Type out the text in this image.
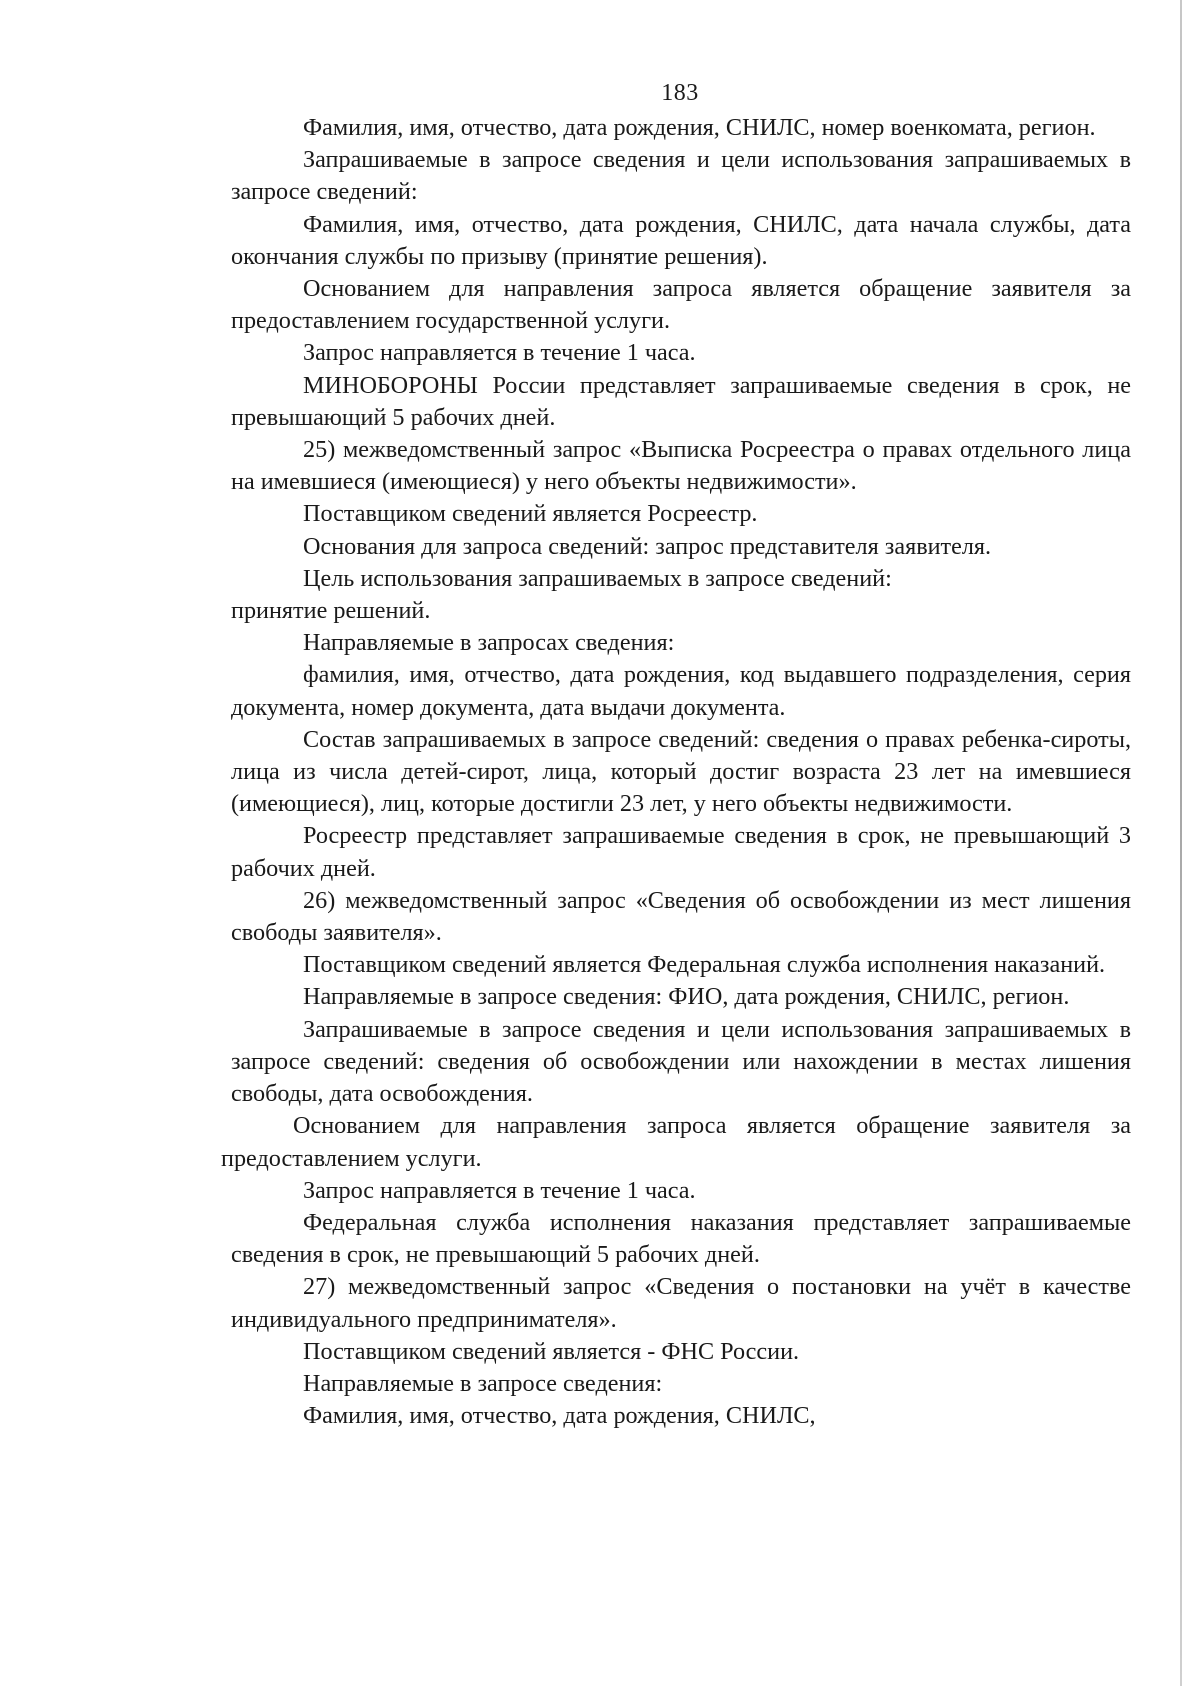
183

Фамилия, имя, отчество, дата рождения, СНИЛС, номер военкомата, регион.

Запрашиваемые в запросе сведения и цели использования запрашиваемых в запросе сведений:

Фамилия, имя, отчество, дата рождения, СНИЛС, дата начала службы, дата окончания службы по призыву (принятие решения).

Основанием для направления запроса является обращение заявителя за предоставлением государственной услуги.

Запрос направляется в течение 1 часа.

МИНОБОРОНЫ России представляет запрашиваемые сведения в срок, не превышающий 5 рабочих дней.

25) межведомственный запрос «Выписка Росреестра о правах отдельного лица на имевшиеся (имеющиеся) у него объекты недвижимости».

Поставщиком сведений является Росреестр.

Основания для запроса сведений: запрос представителя заявителя.

Цель использования запрашиваемых в запросе сведений:

принятие решений.

Направляемые в запросах сведения:

фамилия, имя, отчество, дата рождения, код выдавшего подразделения, серия документа, номер документа, дата выдачи документа.

Состав запрашиваемых в запросе сведений: сведения о правах ребенка-сироты, лица из числа детей-сирот, лица, который достиг возраста 23 лет на имевшиеся (имеющиеся), лиц, которые достигли 23 лет, у него объекты недвижимости.

Росреестр представляет запрашиваемые сведения в срок, не превышающий 3 рабочих дней.

26) межведомственный запрос «Сведения об освобождении из мест лишения свободы заявителя».

Поставщиком сведений является Федеральная служба исполнения наказаний.

Направляемые в запросе сведения: ФИО, дата рождения, СНИЛС, регион.

Запрашиваемые в запросе сведения и цели использования запрашиваемых в запросе сведений: сведения об освобождении или нахождении в местах лишения свободы, дата освобождения.

Основанием для направления запроса является обращение заявителя за предоставлением услуги.

Запрос направляется в течение 1 часа.

Федеральная служба исполнения наказания представляет запрашиваемые сведения в срок, не превышающий 5 рабочих дней.

27) межведомственный запрос «Сведения о постановки на учёт в качестве индивидуального предпринимателя».

Поставщиком сведений является - ФНС России.

Направляемые в запросе сведения:

Фамилия, имя, отчество, дата рождения, СНИЛС,
